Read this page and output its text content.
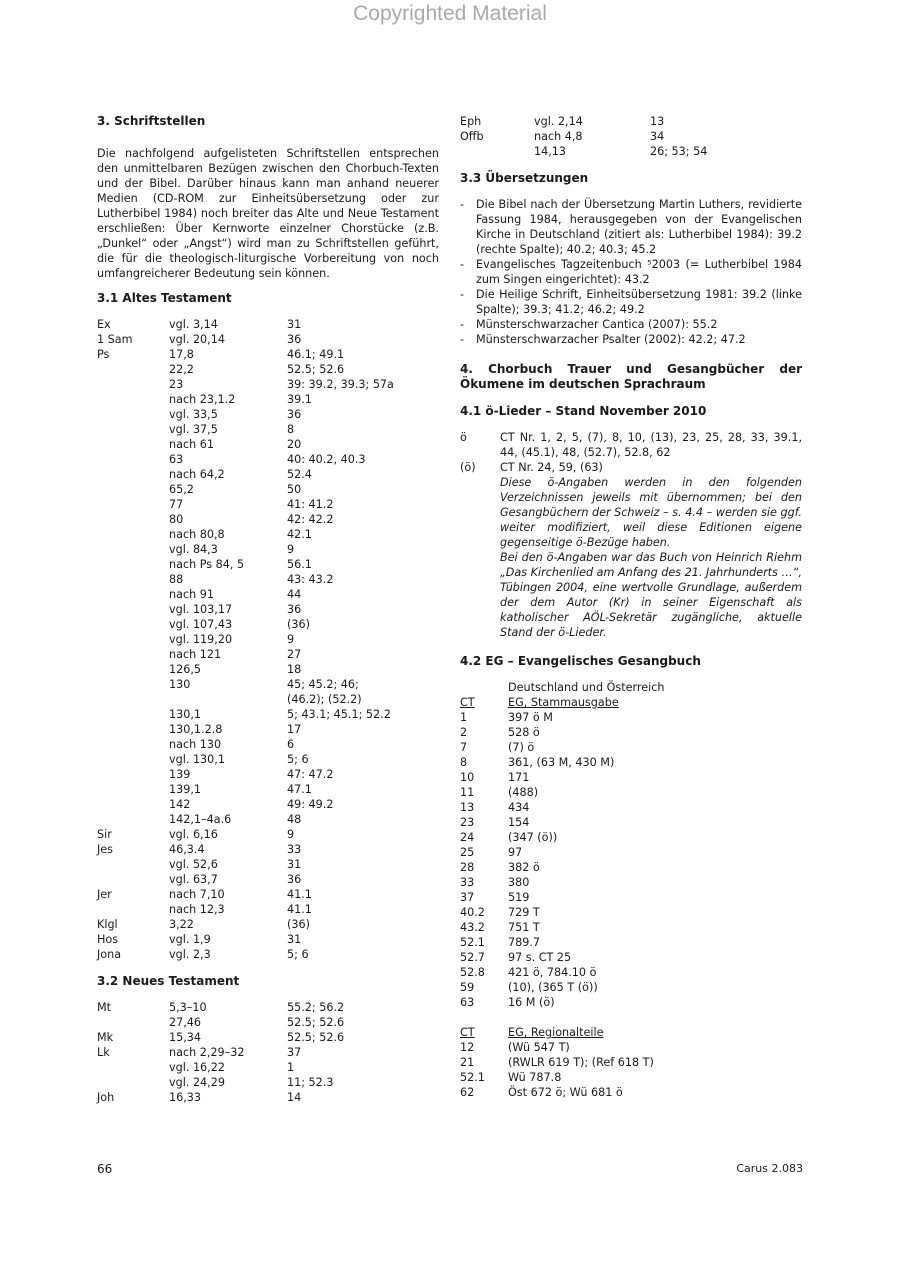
Copyrighted Material
3. Schriftstellen
Die nachfolgend aufgelisteten Schriftstellen entsprechen den unmittelbaren Bezügen zwischen den Chorbuch-Texten und der Bibel. Darüber hinaus kann man anhand neuerer Medien (CD-ROM zur Einheitsübersetzung oder zur Lutherbibel 1984) noch breiter das Alte und Neue Testament erschließen: Über Kernworte einzelner Chorstücke (z.B. „Dunkel“ oder „Angst“) wird man zu Schriftstellen geführt, die für die theologisch-liturgische Vorbereitung von noch umfangreicherer Bedeutung sein können.
3.1 Altes Testament
Ex	vgl. 3,14	31
1 Sam	vgl. 20,14	36
Ps	17,8	46.1; 49.1
22,2	52.5; 52.6
23	39: 39.2, 39.3; 57a
nach 23,1.2	39.1
vgl. 33,5	36
vgl. 37,5	8
nach 61	20
63	40: 40.2, 40.3
nach 64,2	52.4
65,2	50
77	41: 41.2
80	42: 42.2
nach 80,8	42.1
vgl. 84,3	9
nach Ps 84, 5	56.1
88	43: 43.2
nach 91	44
vgl. 103,17	36
vgl. 107,43	(36)
vgl. 119,20	9
nach 121	27
126,5	18
130	45; 45.2; 46;
(46.2); (52.2)
130,1	5; 43.1; 45.1; 52.2
130,1.2.8	17
nach 130	6
vgl. 130,1	5; 6
139	47: 47.2
139,1	47.1
142	49: 49.2
142,1–4a.6	48
Sir	vgl. 6,16	9
Jes	46,3.4	33
vgl. 52,6	31
vgl. 63,7	36
Jer	nach 7,10	41.1
nach 12,3	41.1
Klgl	3,22	(36)
Hos	vgl. 1,9	31
Jona	vgl. 2,3	5; 6
3.2 Neues Testament
Mt	5,3–10	55.2; 56.2
27,46	52.5; 52.6
Mk	15,34	52.5; 52.6
Lk	nach 2,29–32	37
vgl. 16,22	1
vgl. 24,29	11; 52.3
Joh	16,33	14
Eph	vgl. 2,14	13
Offb	nach 4,8	34
14,13	26; 53; 54
3.3 Übersetzungen
- Die Bibel nach der Übersetzung Martin Luthers, revidierte Fassung 1984, herausgegeben von der Evangelischen Kirche in Deutschland (zitiert als: Lutherbibel 1984): 39.2 (rechte Spalte); 40.2; 40.3; 45.2
- Evangelisches Tagzeitenbuch ⁵2003 (= Lutherbibel 1984 zum Singen eingerichtet): 43.2
- Die Heilige Schrift, Einheitsübersetzung 1981: 39.2 (linke Spalte); 39.3; 41.2; 46.2; 49.2
- Münsterschwarzacher Cantica (2007): 55.2
- Münsterschwarzacher Psalter (2002): 42.2; 47.2
4. Chorbuch Trauer und Gesangbücher der Ökumene im deutschen Sprachraum
4.1 ö-Lieder – Stand November 2010
ö	CT Nr. 1, 2, 5, (7), 8, 10, (13), 23, 25, 28, 33, 39.1, 44, (45.1), 48, (52.7), 52.8, 62
(ö) CT Nr. 24, 59, (63)
Diese ö-Angaben werden in den folgenden Verzeichnissen jeweils mit übernommen; bei den Gesangbüchern der Schweiz – s. 4.4 – werden sie ggf. weiter modifiziert, weil diese Editionen eigene gegenseitige ö-Bezüge haben.
Bei den ö-Angaben war das Buch von Heinrich Riehm „Das Kirchenlied am Anfang des 21. Jahrhunderts …“, Tübingen 2004, eine wertvolle Grundlage, außerdem der dem Autor (Kr) in seiner Eigenschaft als katholischer AÖL-Sekretär zugängliche, aktuelle Stand der ö-Lieder.
4.2 EG – Evangelisches Gesangbuch
Deutschland und Österreich
CT	EG, Stammausgabe
1	397 ö M
2	528 ö
7	(7) ö
8	361, (63 M, 430 M)
10	171
11	(488)
13	434
23	154
24	(347 (ö))
25	97
28	382 ö
33	380
37	519
40.2 729 T
43.2 751 T
52.1 789.7
52.7 97 s. CT 25
52.8 421 ö, 784.10 ö
59	(10), (365 T (ö))
63	16 M (ö)
CT	EG, Regionalteile
12	(Wü 547 T)
21	(RWLR 619 T); (Ref 618 T)
52.1 Wü 787.8
62	Öst 672 ö; Wü 681 ö
66	Carus 2.083
